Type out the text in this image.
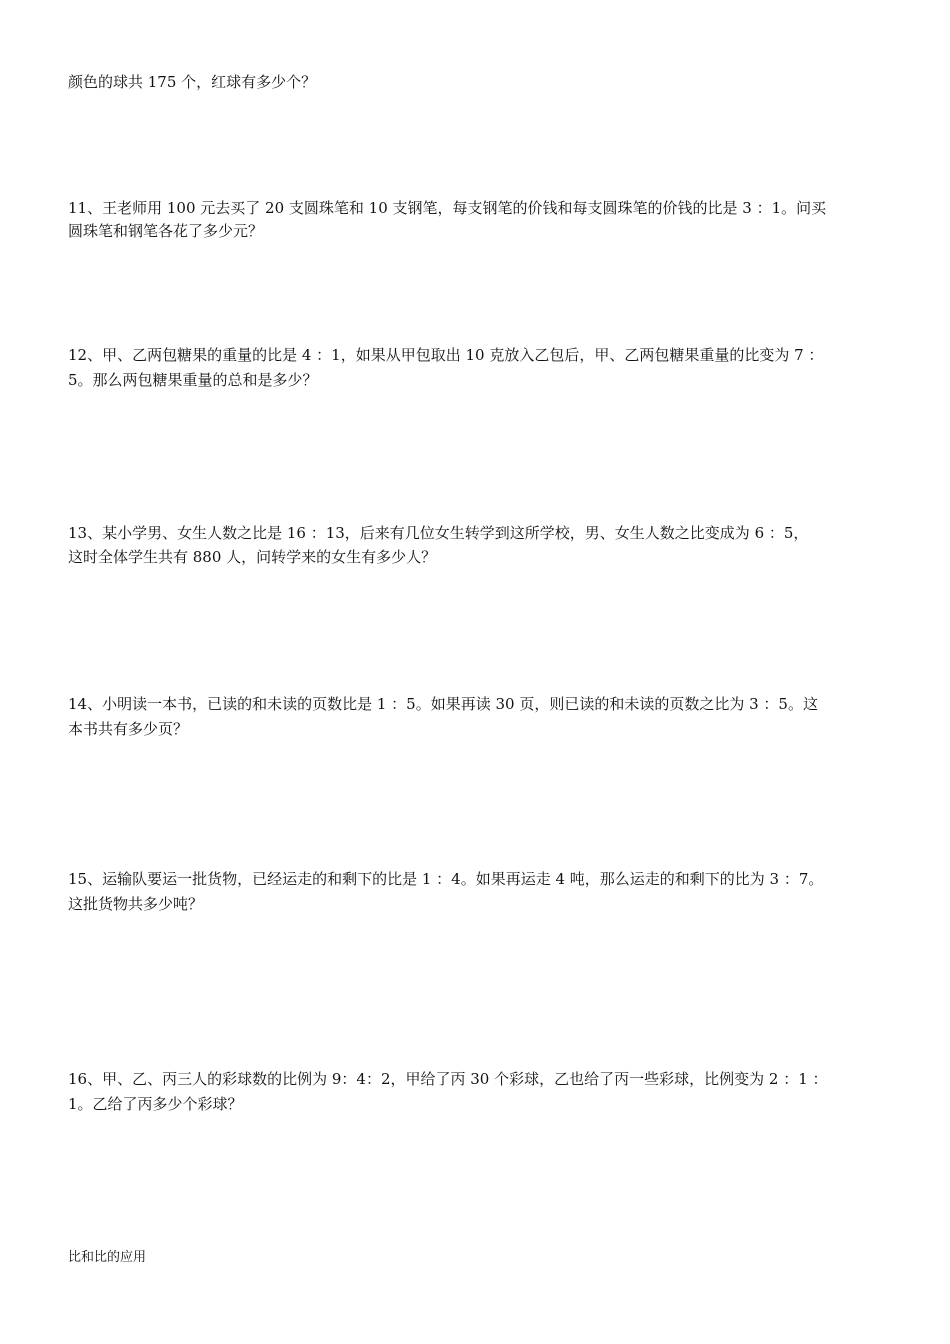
颜色的球共 175 个，红球有多少个？
11、王老师用 100 元去买了 20 支圆珠笔和 10 支钢笔，每支钢笔的价钱和每支圆珠笔的价钱的比是 3 ：1。问买
圆珠笔和钢笔各花了多少元？
12、甲、乙两包糖果的重量的比是 4 ：1，如果从甲包取出 10 克放入乙包后，甲、乙两包糖果重量的比变为 7 ：
5。那么两包糖果重量的总和是多少？
13、某小学男、女生人数之比是 16 ：13，后来有几位女生转学到这所学校，男、女生人数之比变成为 6 ：5，
这时全体学生共有 880 人，问转学来的女生有多少人？
14、小明读一本书，已读的和未读的页数比是 1 ：5。如果再读 30 页，则已读的和未读的页数之比为 3 ：5。这
本书共有多少页？
15、运输队要运一批货物，已经运走的和剩下的比是 1 ：4。如果再运走 4 吨，那么运走的和剩下的比为 3 ：7。
这批货物共多少吨？
16、甲、乙、丙三人的彩球数的比例为 9：4：2，甲给了丙 30 个彩球，乙也给了丙一些彩球，比例变为 2 ：1 ：
1。乙给了丙多少个彩球？
比和比的应用
